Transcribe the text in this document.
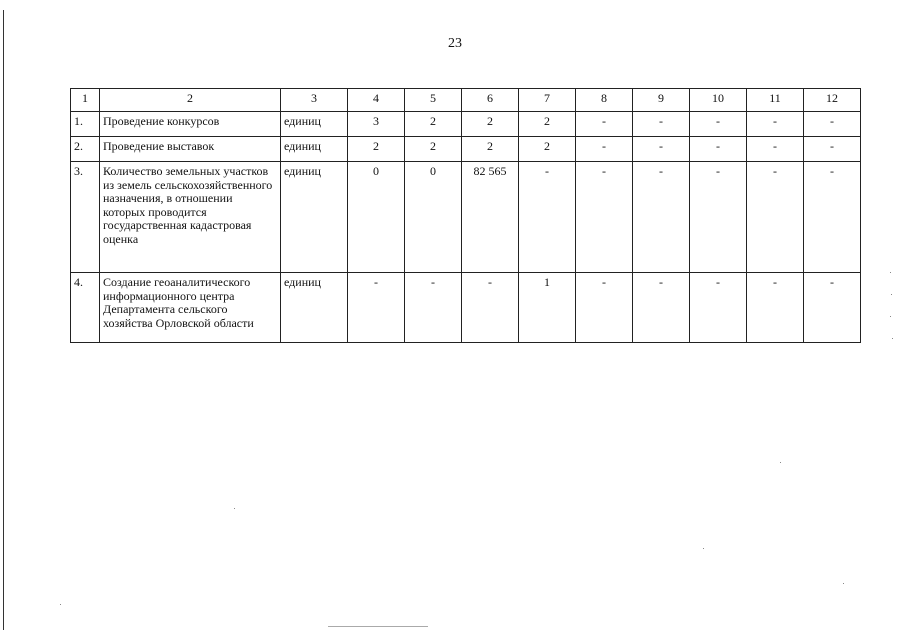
23
1	2	3	4	5	6	7	8	9	10	11	12
1.	Проведение конкурсов	единиц	3	2	2	2	-	-	-	-	-
2.	Проведение выставок	единиц	2	2	2	2	-	-	-	-	-
3.	Количество земельных участков из земель сельскохозяйственного назначения, в отношении которых проводится государственная кадастровая оценка	единиц	0	0	82 565	-	-	-	-	-	-
4.	Создание геоаналитического информационного центра Департамента сельского хозяйства Орловской области	единиц	-	-	-	1	-	-	-	-	-
